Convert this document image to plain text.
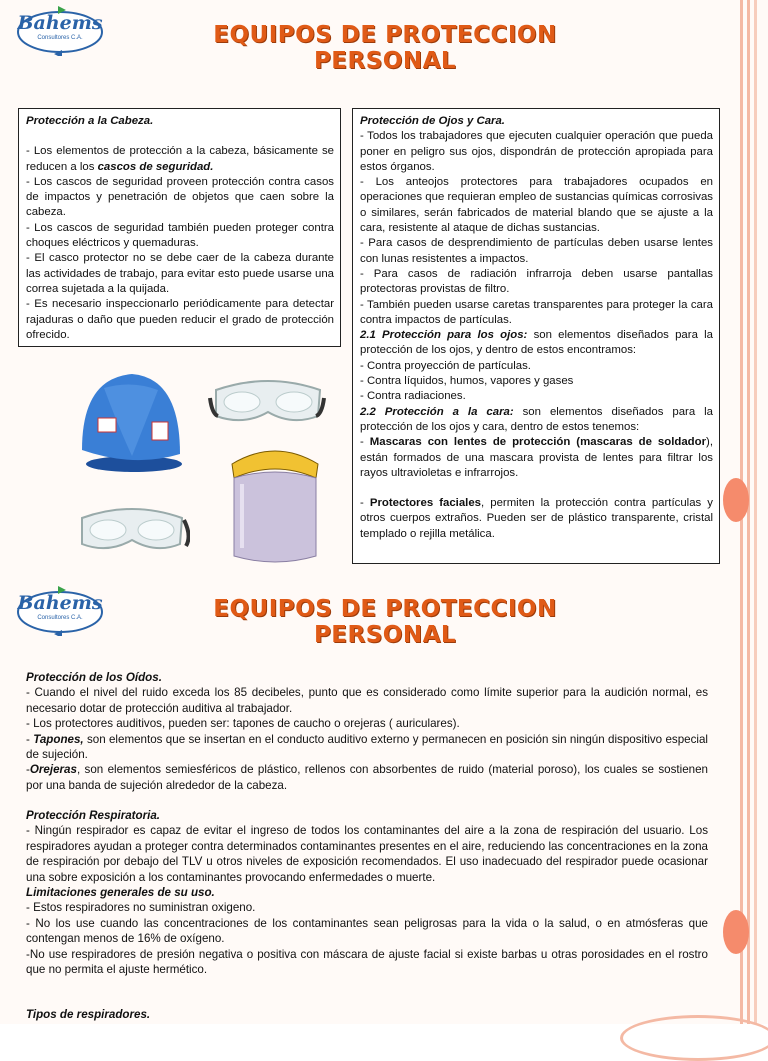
Bahems
Consultores C.A.	EQUIPOS DE PROTECCION PERSONAL
Protección a la Cabeza.

- Los elementos de protección a la cabeza, básicamente se reducen a los cascos de seguridad.

- Los cascos de seguridad proveen protección contra casos de impactos y penetración de objetos que caen sobre la cabeza.

- Los cascos de seguridad también pueden proteger contra choques eléctricos y quemaduras.

- El casco protector no se debe caer de la cabeza durante las actividades de trabajo, para evitar esto puede usarse una correa sujetada a la quijada.

- Es necesario inspeccionarlo periódicamente para detectar rajaduras o daño que pueden reducir el grado de protección ofrecido.

Protección de Ojos y Cara.

- Todos los trabajadores que ejecuten cualquier operación que pueda poner en peligro sus ojos, dispondrán de protección apropiada para estos órganos.

- Los anteojos protectores para trabajadores ocupados en operaciones que requieran empleo de sustancias químicas corrosivas o similares, serán fabricados de material blando que se ajuste a la cara, resistente al ataque de dichas sustancias.

- Para casos de desprendimiento de partículas deben usarse lentes con lunas resistentes a impactos.

- Para casos de radiación infrarroja deben usarse pantallas protectoras provistas de filtro.

- También pueden usarse caretas transparentes para proteger la cara contra impactos de partículas.

2.1 Protección para los ojos: son elementos diseñados para la protección de los ojos, y dentro de estos encontramos:

- Contra proyección de partículas.

- Contra líquidos, humos, vapores y gases

- Contra radiaciones.

2.2 Protección a la cara: son elementos diseñados para la protección de los ojos y cara, dentro de estos tenemos:

- Mascaras con lentes de protección (mascaras de soldador), están formados de una mascara provista de lentes para filtrar los rayos ultravioletas e infrarrojos.

- Protectores faciales, permiten la protección contra partículas y otros cuerpos extraños. Pueden ser de plástico transparente, cristal templado o rejilla metálica.

Bahems
Consultores C.A.	EQUIPOS DE PROTECCION PERSONAL

Protección de los Oídos.

- Cuando el nivel del ruido exceda los 85 decibeles, punto que es considerado como límite superior para la audición normal, es necesario dotar de protección auditiva al trabajador.

- Los protectores auditivos, pueden ser: tapones de caucho o orejeras ( auriculares).

- Tapones, son elementos que se insertan en el conducto auditivo externo y permanecen en posición sin ningún dispositivo especial de sujeción.

-Orejeras, son elementos semiesféricos de plástico, rellenos con absorbentes de ruido (material poroso), los cuales se sostienen por una banda de sujeción alrededor de la cabeza.

Protección Respiratoria.

- Ningún respirador es capaz de evitar el ingreso de todos los contaminantes del aire a la zona de respiración del usuario. Los respiradores ayudan a proteger contra determinados contaminantes presentes en el aire, reduciendo las concentraciones en la zona de respiración por debajo del TLV u otros niveles de exposición recomendados. El uso inadecuado del respirador puede ocasionar una sobre exposición a los contaminantes provocando enfermedades o muerte.

Limitaciones generales de su uso.

- Estos respiradores no suministran oxigeno.

- No los use cuando las concentraciones de los contaminantes sean peligrosas para la vida o la salud, o en atmósferas que contengan menos de 16% de oxígeno.

-No use respiradores de presión negativa o positiva con máscara de ajuste facial si existe barbas u otras porosidades en el rostro que no permita el ajuste hermético.

Tipos de respiradores.
